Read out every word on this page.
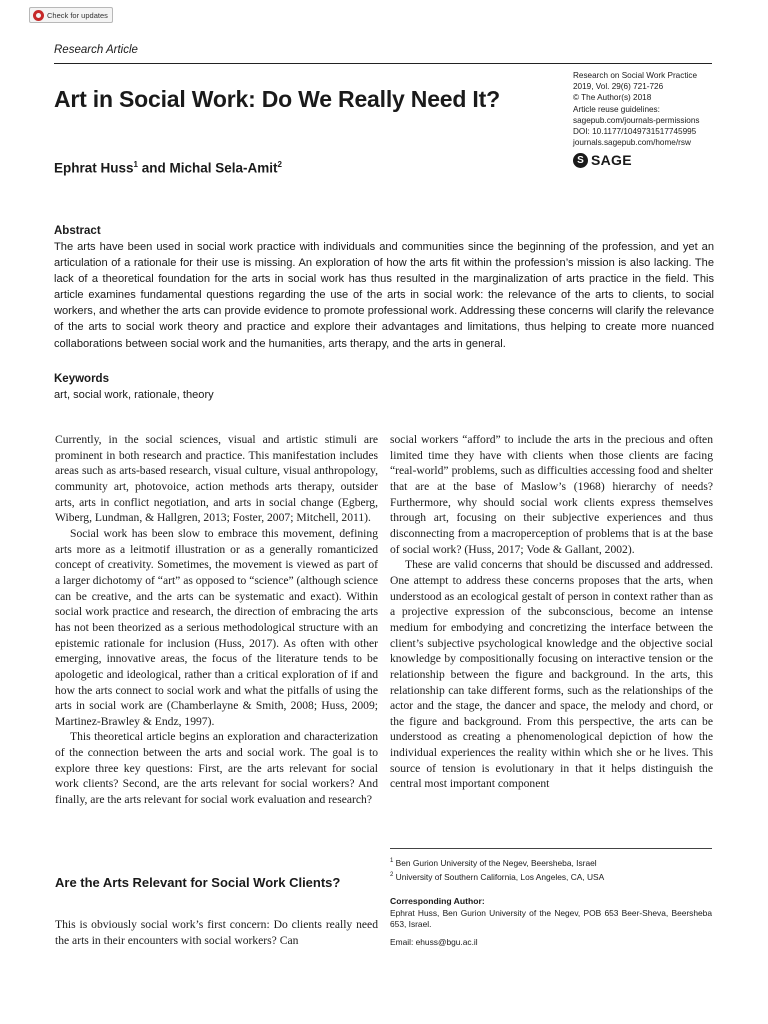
Check for updates
Research Article
Art in Social Work: Do We Really Need It?
Ephrat Huss$^1$ and Michal Sela-Amit$^2$
Research on Social Work Practice
2019, Vol. 29(6) 721-726
© The Author(s) 2018
Article reuse guidelines:
sagepub.com/journals-permissions
DOI: 10.1177/1049731517745995
journals.sagepub.com/home/rsw
S SAGE
Abstract

The arts have been used in social work practice with individuals and communities since the beginning of the profession, and yet an articulation of a rationale for their use is missing. An exploration of how the arts fit within the profession’s mission is also lacking. The lack of a theoretical foundation for the arts in social work has thus resulted in the marginalization of arts practice in the field. This article examines fundamental questions regarding the use of the arts in social work: the relevance of the arts to clients, to social workers, and whether the arts can provide evidence to promote professional work. Addressing these concerns will clarify the relevance of the arts to social work theory and practice and explore their advantages and limitations, thus helping to create more nuanced collaborations between social work and the humanities, arts therapy, and the arts in general.

Keywords
art, social work, rationale, theory

Currently, in the social sciences, visual and artistic stimuli are prominent in both research and practice. This manifestation includes areas such as arts-based research, visual culture, visual anthropology, community art, photovoice, action methods arts therapy, outsider arts, arts in conflict negotiation, and arts in social change (Egberg, Wiberg, Lundman, & Hallgren, 2013; Foster, 2007; Mitchell, 2011).

Social work has been slow to embrace this movement, defining arts more as a leitmotif illustration or as a generally romanticized concept of creativity. Sometimes, the movement is viewed as part of a larger dichotomy of “art” as opposed to “science” (although science can be creative, and the arts can be systematic and exact). Within social work practice and research, the direction of embracing the arts has not been theorized as a serious methodological structure with an epistemic rationale for inclusion (Huss, 2017). As often with other emerging, innovative areas, the focus of the literature tends to be apologetic and ideological, rather than a critical exploration of if and how the arts connect to social work and what the pitfalls of using the arts in social work are (Chamberlayne & Smith, 2008; Huss, 2009; Martinez-Brawley & Endz, 1997).

This theoretical article begins an exploration and characterization of the connection between the arts and social work. The goal is to explore three key questions: First, are the arts relevant for social work clients? Second, are the arts relevant for social workers? And finally, are the arts relevant for social work evaluation and research?

Are the Arts Relevant for Social Work Clients?

This is obviously social work’s first concern: Do clients really need the arts in their encounters with social workers? Can

social workers “afford” to include the arts in the precious and often limited time they have with clients when those clients are facing “real-world” problems, such as difficulties accessing food and shelter that are at the base of Maslow’s (1968) hierarchy of needs? Furthermore, why should social work clients express themselves through art, focusing on their subjective experiences and thus disconnecting from a macroperception of problems that is at the base of social work? (Huss, 2017; Vode & Gallant, 2002).

These are valid concerns that should be discussed and addressed. One attempt to address these concerns proposes that the arts, when understood as an ecological gestalt of person in context rather than as a projective expression of the subconscious, become an intense medium for embodying and concretizing the interface between the client’s subjective psychological knowledge and the objective social knowledge by compositionally focusing on interactive tension or the relationship between the figure and background. In the arts, this relationship can take different forms, such as the relationships of the actor and the stage, the dancer and space, the melody and chord, or the figure and background. From this perspective, the arts can be understood as creating a phenomenological depiction of how the individual experiences the reality within which she or he lives. This source of tension is evolutionary in that it helps distinguish the central most important component

$^1$ Ben Gurion University of the Negev, Beersheba, Israel
$^2$ University of Southern California, Los Angeles, CA, USA
Corresponding Author:

Ephrat Huss, Ben Gurion University of the Negev, POB 653 Beer-Sheva, Beersheba 653, Israel.

Email: ehuss@bgu.ac.il
